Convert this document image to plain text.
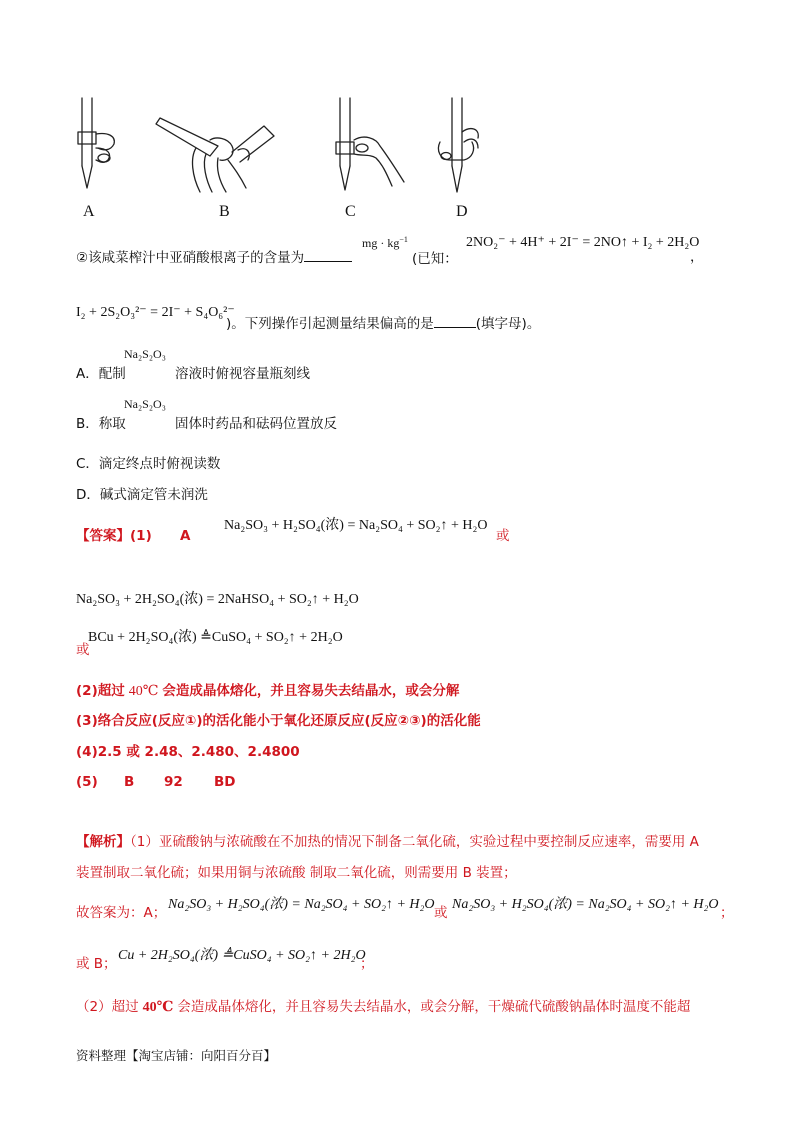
A	B	C	D
②该咸菜榨汁中亚硝酸根离子的含量为
mg · $kg^{-1}$
(已知：
2NO₂⁻ + 4H⁺ + 2I⁻ = 2NO↑ + I₂ + 2H₂O
，
I₂ + 2S₂O₃²⁻ = 2I⁻ + S₄O₆²⁻
)。下列操作引起测量结果偏高的是	(填字母)。
A．配制
Na₂S₂O₃
溶液时俯视容量瓶刻线
B．称取
Na₂S₂O₃
固体时药品和砝码位置放反
C．滴定终点时俯视读数
D．碱式滴定管未润洗
【答案】(1) A
Na₂SO₃ + H₂SO₄(浓) = Na₂SO₄ + SO₂↑ + H₂O
或
Na₂SO₃ + 2H₂SO₄(浓) = 2NaHSO₄ + SO₂↑ + H₂O
BCu + 2H₂SO₄(浓) ≜CuSO₄ + SO₂↑ + 2H₂O
或
(2)超过 40℃ 会造成晶体熔化，并且容易失去结晶水，或会分解
(3)络合反应(反应①)的活化能小于氧化还原反应(反应②③)的活化能
(4)2.5 或 2.48、2.480、2.4800
(5) B 92 BD
【解析】（1）亚硫酸钠与浓硫酸在不加热的情况下制备二氧化硫，实验过程中要控制反应速率，需要用 A
装置制取二氧化硫；如果用铜与浓硫酸 制取二氧化硫，则需要用 B 装置；
故答案为：A；
Na₂SO₃ + H₂SO₄(浓) = Na₂SO₄ + SO₂↑ + H₂O
或
Na₂SO₃ + H₂SO₄(浓) = Na₂SO₄ + SO₂↑ + H₂O
；
或 B；
Cu + 2H₂SO₄(浓) ≜CuSO₄ + SO₂↑ + 2H₂O
；
（2）超过 40℃ 会造成晶体熔化，并且容易失去结晶水，或会分解，干燥硫代硫酸钠晶体时温度不能超
资料整理【淘宝店铺：向阳百分百】
